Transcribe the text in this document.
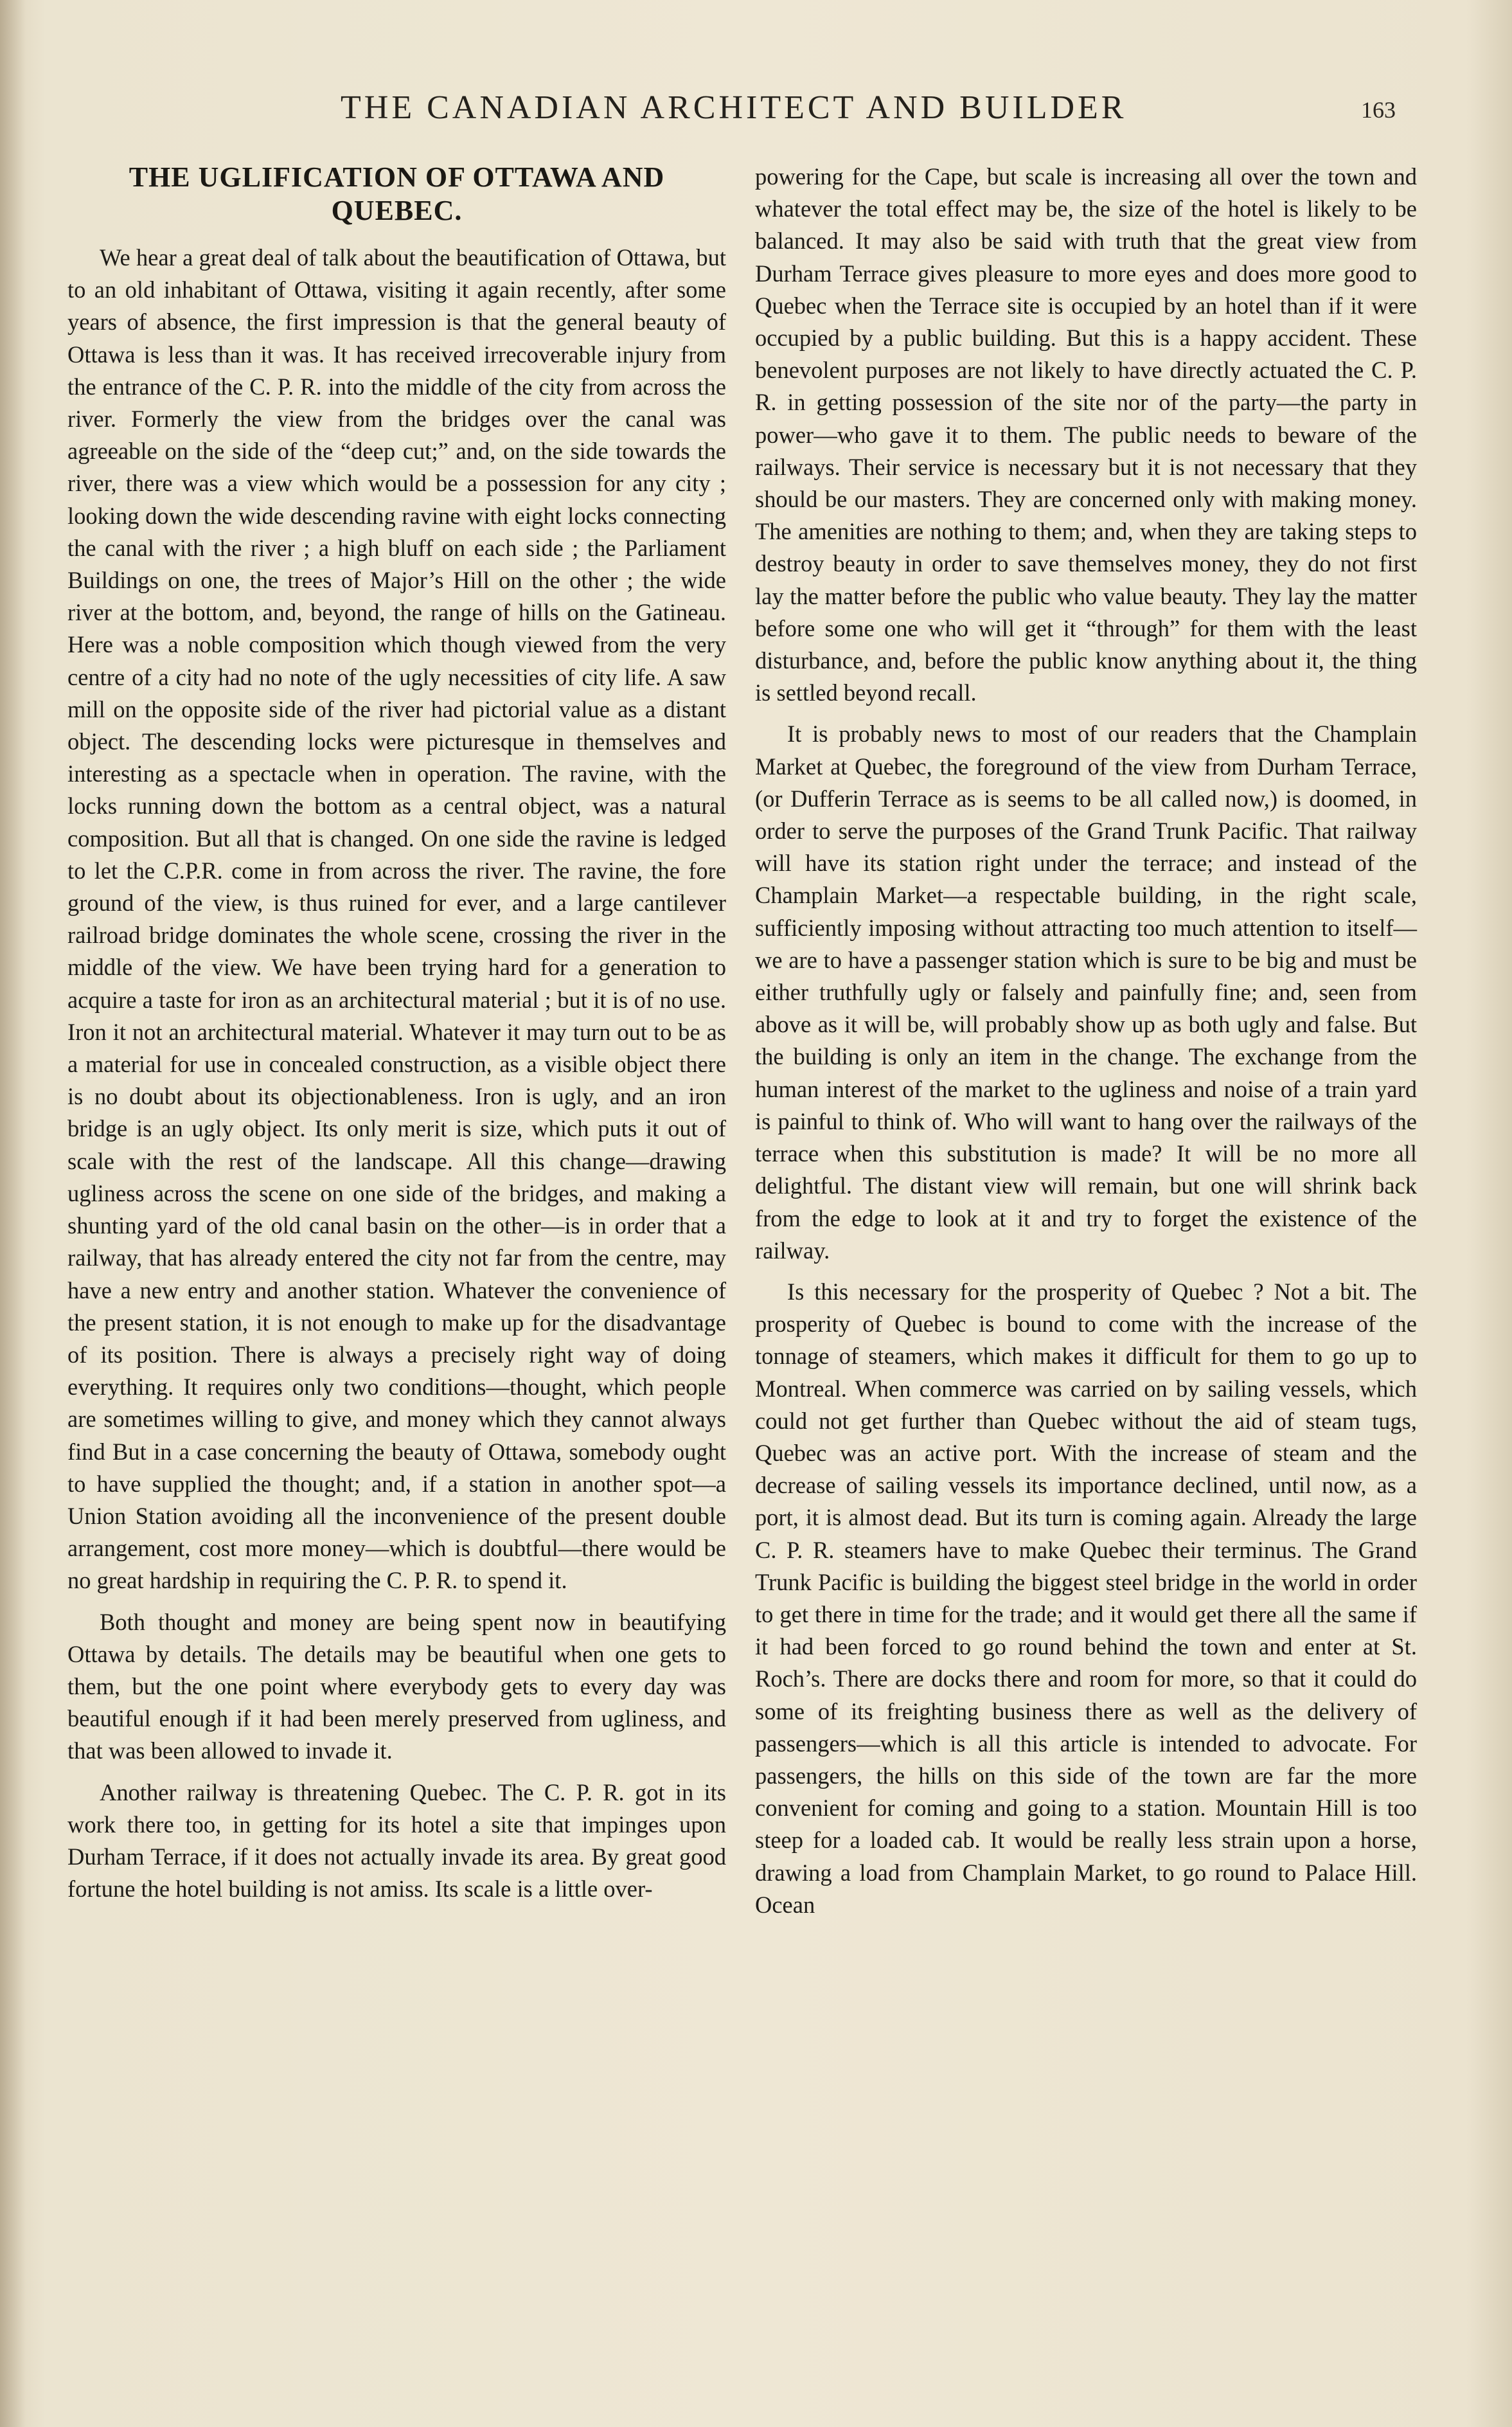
THE CANADIAN ARCHITECT AND BUILDER	163
THE UGLIFICATION OF OTTAWA AND
QUEBEC.

We hear a great deal of talk about the beautification of Ottawa, but to an old inhabitant of Ottawa, visiting it again recently, after some years of absence, the first impression is that the general beauty of Ottawa is less than it was. It has received irrecoverable injury from the entrance of the C. P. R. into the middle of the city from across the river. Formerly the view from the bridges over the canal was agreeable on the side of the “deep cut;” and, on the side towards the river, there was a view which would be a possession for any city ; looking down the wide descending ravine with eight locks connecting the canal with the river ; a high bluff on each side ; the Parliament Buildings on one, the trees of Major’s Hill on the other ; the wide river at the bottom, and, beyond, the range of hills on the Gatineau. Here was a noble composition which though viewed from the very centre of a city had no note of the ugly necessities of city life. A saw mill on the opposite side of the river had pictorial value as a distant object. The descending locks were picturesque in themselves and interesting as a spectacle when in operation. The ravine, with the locks running down the bottom as a central object, was a natural composition. But all that is changed. On one side the ravine is ledged to let the C.P.R. come in from across the river. The ravine, the fore ground of the view, is thus ruined for ever, and a large cantilever railroad bridge dominates the whole scene, crossing the river in the middle of the view. We have been trying hard for a generation to acquire a taste for iron as an architectural material ; but it is of no use. Iron it not an architectural material. Whatever it may turn out to be as a material for use in concealed construction, as a visible object there is no doubt about its objectionableness. Iron is ugly, and an iron bridge is an ugly object. Its only merit is size, which puts it out of scale with the rest of the landscape. All this change—drawing ugliness across the scene on one side of the bridges, and making a shunting yard of the old canal basin on the other—is in order that a railway, that has already entered the city not far from the centre, may have a new entry and another station. Whatever the convenience of the present station, it is not enough to make up for the disadvantage of its position. There is always a precisely right way of doing everything. It requires only two conditions—thought, which people are sometimes willing to give, and money which they cannot always find But in a case concerning the beauty of Ottawa, somebody ought to have supplied the thought; and, if a station in another spot—a Union Station avoiding all the inconvenience of the present double arrangement, cost more money—which is doubtful—there would be no great hardship in requiring the C. P. R. to spend it.

Both thought and money are being spent now in beautifying Ottawa by details. The details may be beautiful when one gets to them, but the one point where everybody gets to every day was beautiful enough if it had been merely preserved from ugliness, and that was been allowed to invade it.

Another railway is threatening Quebec. The C. P. R. got in its work there too, in getting for its hotel a site that impinges upon Durham Terrace, if it does not actually invade its area. By great good fortune the hotel building is not amiss. Its scale is a little over-

powering for the Cape, but scale is increasing all over the town and whatever the total effect may be, the size of the hotel is likely to be balanced. It may also be said with truth that the great view from Durham Terrace gives pleasure to more eyes and does more good to Quebec when the Terrace site is occupied by an hotel than if it were occupied by a public building. But this is a happy accident. These benevolent purposes are not likely to have directly actuated the C. P. R. in getting possession of the site nor of the party—the party in power—who gave it to them. The public needs to beware of the railways. Their service is necessary but it is not necessary that they should be our masters. They are concerned only with making money. The amenities are nothing to them; and, when they are taking steps to destroy beauty in order to save themselves money, they do not first lay the matter before the public who value beauty. They lay the matter before some one who will get it “through” for them with the least disturbance, and, before the public know anything about it, the thing is settled beyond recall.

It is probably news to most of our readers that the Champlain Market at Quebec, the foreground of the view from Durham Terrace, (or Dufferin Terrace as is seems to be all called now,) is doomed, in order to serve the purposes of the Grand Trunk Pacific. That railway will have its station right under the terrace; and instead of the Champlain Market—a respectable building, in the right scale, sufficiently imposing without attracting too much attention to itself—we are to have a passenger station which is sure to be big and must be either truthfully ugly or falsely and painfully fine; and, seen from above as it will be, will probably show up as both ugly and false. But the building is only an item in the change. The exchange from the human interest of the market to the ugliness and noise of a train yard is painful to think of. Who will want to hang over the railways of the terrace when this substitution is made? It will be no more all delightful. The distant view will remain, but one will shrink back from the edge to look at it and try to forget the existence of the railway.

Is this necessary for the prosperity of Quebec ? Not a bit. The prosperity of Quebec is bound to come with the increase of the tonnage of steamers, which makes it difficult for them to go up to Montreal. When commerce was carried on by sailing vessels, which could not get further than Quebec without the aid of steam tugs, Quebec was an active port. With the increase of steam and the decrease of sailing vessels its importance declined, until now, as a port, it is almost dead. But its turn is coming again. Already the large C. P. R. steamers have to make Quebec their terminus. The Grand Trunk Pacific is building the biggest steel bridge in the world in order to get there in time for the trade; and it would get there all the same if it had been forced to go round behind the town and enter at St. Roch’s. There are docks there and room for more, so that it could do some of its freighting business there as well as the delivery of passengers—which is all this article is intended to advocate. For passengers, the hills on this side of the town are far the more convenient for coming and going to a station. Mountain Hill is too steep for a loaded cab. It would be really less strain upon a horse, drawing a load from Champlain Market, to go round to Palace Hill. Ocean
